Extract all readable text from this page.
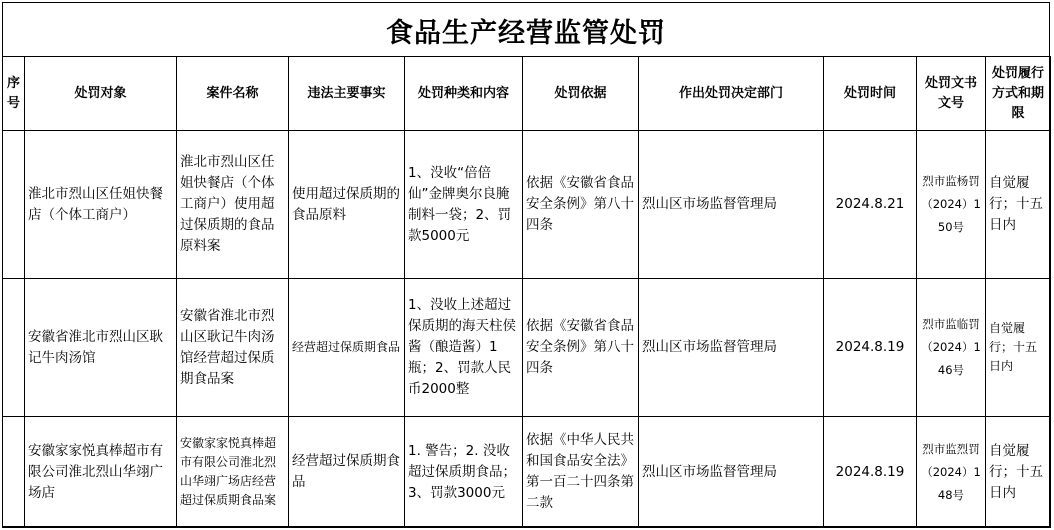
食品生产经营监管处罚
序号	处罚对象	案件名称	违法主要事实	处罚种类和内容	处罚依据	作出处罚决定部门	处罚时间	处罚文书文号	处罚履行方式和期限
	淮北市烈山区任姐快餐店（个体工商户）	淮北市烈山区任姐快餐店（个体工商户）使用超过保质期的食品原料案	使用超过保质期的食品原料	1、没收“倍倍仙”金牌奥尔良腌制料一袋；2、罚款5000元	依据《安徽省食品安全条例》第八十四条	烈山区市场监督管理局	2024.8.21	烈市监杨罚（2024）150号	自觉履行；十五日内
	安徽省淮北市烈山区耿记牛肉汤馆	安徽省淮北市烈山区耿记牛肉汤馆经营超过保质期食品案	经营超过保质期食品	1、没收上述超过保质期的海天柱侯酱（酿造酱）1瓶；2、罚款人民币2000整	依据《安徽省食品安全条例》第八十四条	烈山区市场监督管理局	2024.8.19	烈市监临罚（2024）146号	自觉履行；十五日内
	安徽家家悦真棒超市有限公司淮北烈山华翊广场店	安徽家家悦真棒超市有限公司淮北烈山华翊广场店经营超过保质期食品案	经营超过保质期食品	1. 警告；2. 没收超过保质期食品；3、罚款3000元	依据《中华人民共和国食品安全法》第一百二十四条第二款	烈山区市场监督管理局	2024.8.19	烈市监烈罚（2024）148号	自觉履行；十五日内
